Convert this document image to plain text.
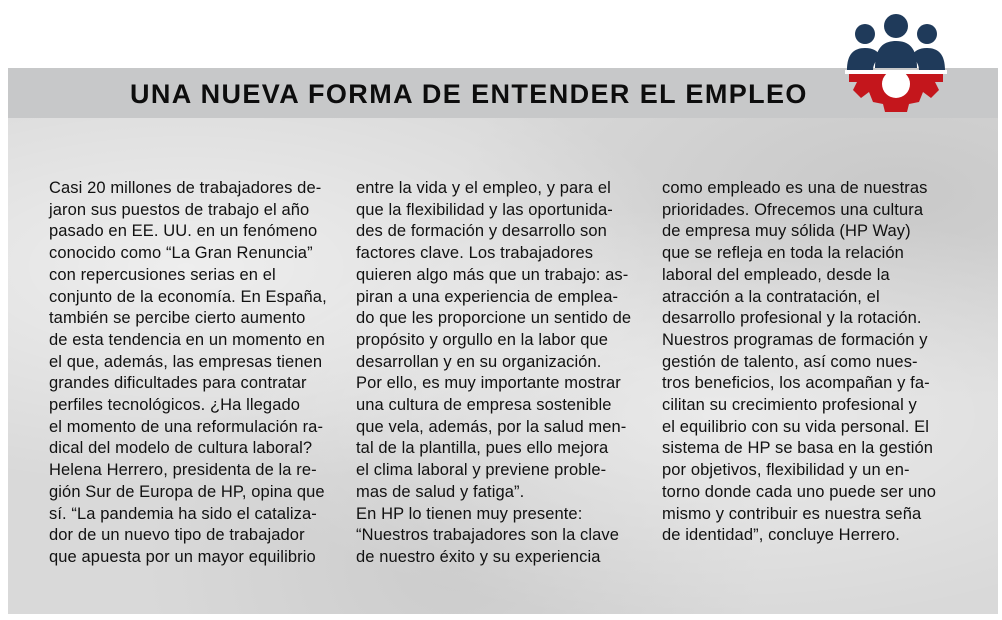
UNA NUEVA FORMA DE ENTENDER EL EMPLEO
Casi 20 millones de trabajadores de-
jaron sus puestos de trabajo el año
pasado en EE. UU. en un fenómeno
conocido como “La Gran Renuncia”
con repercusiones serias en el
conjunto de la economía. En España,
también se percibe cierto aumento
de esta tendencia en un momento en
el que, además, las empresas tienen
grandes dificultades para contratar
perfiles tecnológicos. ¿Ha llegado
el momento de una reformulación ra-
dical del modelo de cultura laboral?
Helena Herrero, presidenta de la re-
gión Sur de Europa de HP, opina que
sí. “La pandemia ha sido el cataliza-
dor de un nuevo tipo de trabajador
que apuesta por un mayor equilibrio
entre la vida y el empleo, y para el
que la flexibilidad y las oportunida-
des de formación y desarrollo son
factores clave. Los trabajadores
quieren algo más que un trabajo: as-
piran a una experiencia de emplea-
do que les proporcione un sentido de
propósito y orgullo en la labor que
desarrollan y en su organización.
Por ello, es muy importante mostrar
una cultura de empresa sostenible
que vela, además, por la salud men-
tal de la plantilla, pues ello mejora
el clima laboral y previene proble-
mas de salud y fatiga”.
En HP lo tienen muy presente:
“Nuestros trabajadores son la clave
de nuestro éxito y su experiencia
como empleado es una de nuestras
prioridades. Ofrecemos una cultura
de empresa muy sólida (HP Way)
que se refleja en toda la relación
laboral del empleado, desde la
atracción a la contratación, el
desarrollo profesional y la rotación.
Nuestros programas de formación y
gestión de talento, así como nues-
tros beneficios, los acompañan y fa-
cilitan su crecimiento profesional y
el equilibrio con su vida personal. El
sistema de HP se basa en la gestión
por objetivos, flexibilidad y un en-
torno donde cada uno puede ser uno
mismo y contribuir es nuestra seña
de identidad”, concluye Herrero.
